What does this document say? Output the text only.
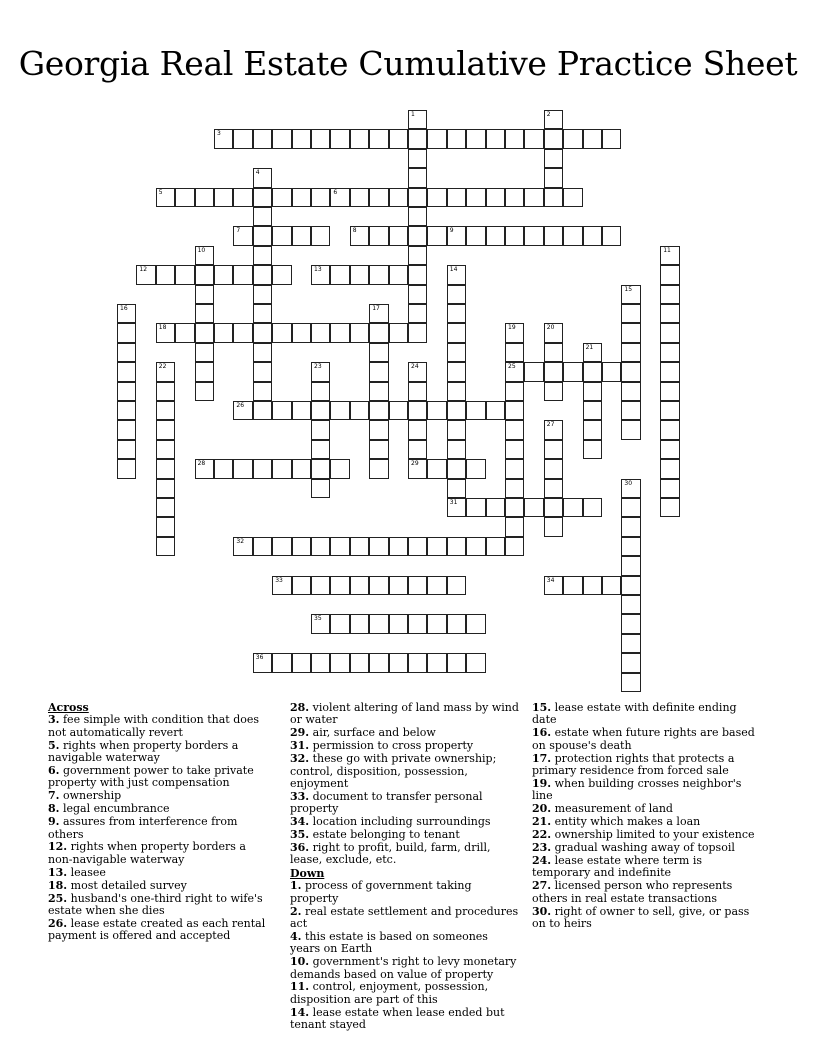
Georgia Real Estate Cumulative Practice Sheet
3
5	6
7	8	9
12	13
18
25
26
28	29
31
32
33	34
35
36
1	2
4
10	11
14
15
16	17
19	20
21
22	23	24
27
30
Across
3. fee simple with condition that does not automatically revert
5. rights when property borders a navigable waterway
6. government power to take private property with just compensation
7. ownership
8. legal encumbrance
9. assures from interference from others
12. rights when property borders a non-navigable waterway
13. leasee
18. most detailed survey
25. husband's one-third right to wife's estate when she dies
26. lease estate created as each rental payment is offered and accepted
28. violent altering of land mass by wind or water
29. air, surface and below
31. permission to cross property
32. these go with private ownership; control, disposition, possession, enjoyment
33. document to transfer personal property
34. location including surroundings
35. estate belonging to tenant
36. right to profit, build, farm, drill, lease, exclude, etc.
Down
1. process of government taking property
2. real estate settlement and procedures act
4. this estate is based on someones years on Earth
10. government's right to levy monetary demands based on value of property
11. control, enjoyment, possession, disposition are part of this
14. lease estate when lease ended but tenant stayed
15. lease estate with definite ending date
16. estate when future rights are based on spouse's death
17. protection rights that protects a primary residence from forced sale
19. when building crosses neighbor's line
20. measurement of land
21. entity which makes a loan
22. ownership limited to your existence
23. gradual washing away of topsoil
24. lease estate where term is temporary and indefinite
27. licensed person who represents others in real estate transactions
30. right of owner to sell, give, or pass on to heirs
